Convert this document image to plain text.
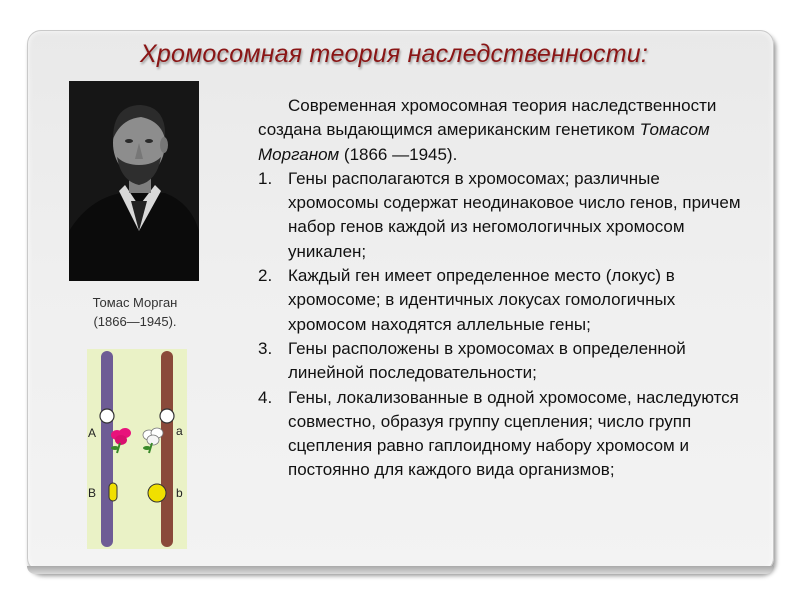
Хромосомная теория наследственности:
Томас Морган
(1866—1945).
A	a
B	b

Современная хромосомная теория наследственности создана выдающимся американским генетиком Томасом Морганом (1866 —1945).

1. Гены располагаются в хромосомах; различные хромосомы содержат неодинаковое число генов, причем набор генов каждой из негомологичных хромосом уникален;
2. Каждый ген имеет определенное место (локус) в хромосоме; в идентичных локусах гомологичных хромосом находятся аллельные гены;
3. Гены расположены в хромосомах в определенной линейной последовательности;
4. Гены, локализованные в одной хромосоме, наследуются совместно, образуя группу сцепления; число групп сцепления равно гаплоидному набору хромосом и постоянно для каждого вида организмов;
